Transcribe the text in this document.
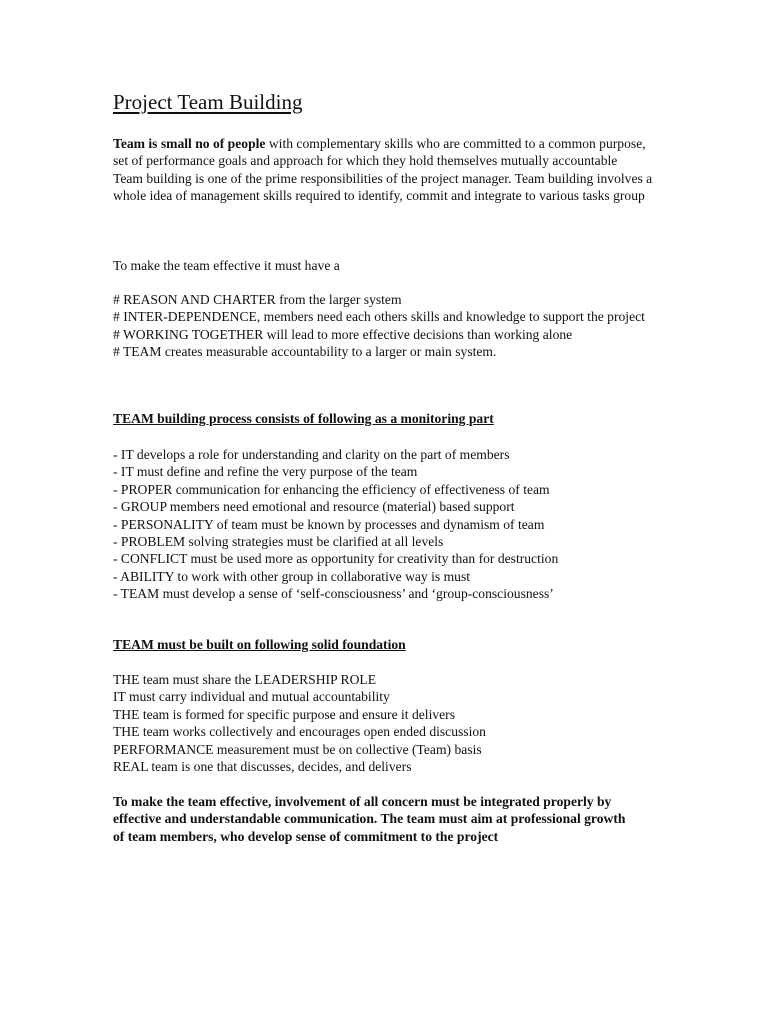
Project Team Building

Team is small no of people with complementary skills who are committed to a common purpose, set of performance goals and approach for which they hold themselves mutually accountable

Team building is one of the prime responsibilities of the project manager. Team building involves a whole idea of management skills required to identify, commit and integrate to various tasks group

To make the team effective it must have a
# REASON AND CHARTER from the larger system
# INTER-DEPENDENCE, members need each others skills and knowledge to support the project
# WORKING TOGETHER will lead to more effective decisions than working alone
# TEAM creates measurable accountability to a larger or main system.
TEAM building process consists of following as a monitoring part
- IT develops a role for understanding and clarity on the part of members
- IT must define and refine the very purpose of the team
- PROPER communication for enhancing the efficiency of effectiveness of team
- GROUP members need emotional and resource (material) based support
- PERSONALITY of team must be known by processes and dynamism of team
- PROBLEM solving strategies must be clarified at all levels
- CONFLICT must be used more as opportunity for creativity than for destruction
- ABILITY to work with other group in collaborative way is must
- TEAM must develop a sense of ‘self-consciousness’ and ‘group-consciousness’
TEAM must be built on following solid foundation
THE team must share the LEADERSHIP ROLE
IT must carry individual and mutual accountability
THE team is formed for specific purpose and ensure it delivers
THE team works collectively and encourages open ended discussion
PERFORMANCE measurement must be on collective (Team) basis
REAL team is one that discusses, decides, and delivers
To make the team effective, involvement of all concern must be integrated properly by effective and understandable communication. The team must aim at professional growth of team members, who develop sense of commitment to the project
